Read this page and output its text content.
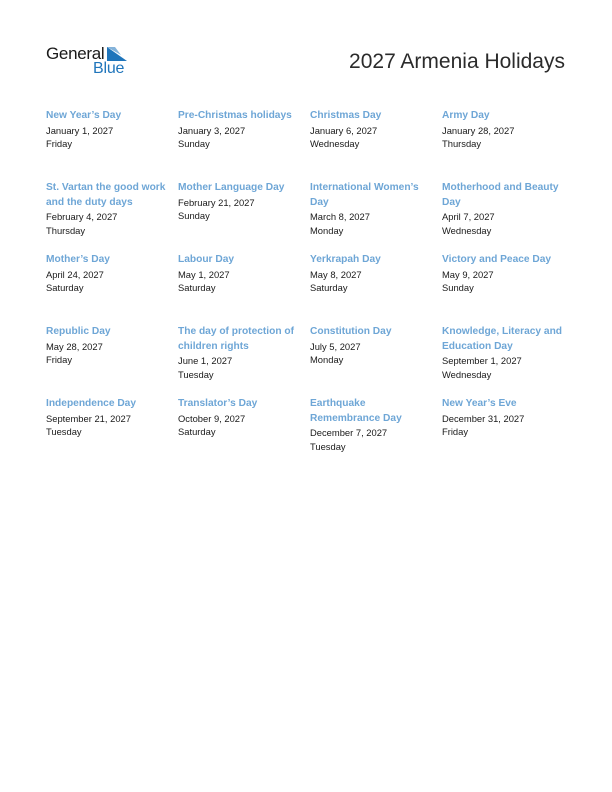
General
Blue	2027 Armenia Holidays
New Year’s Day
January 1, 2027
Friday
Pre-Christmas holidays
January 3, 2027
Sunday
Christmas Day
January 6, 2027
Wednesday
Army Day
January 28, 2027
Thursday
St. Vartan the good work and the duty days
February 4, 2027
Thursday
Mother Language Day
February 21, 2027
Sunday
International Women’s Day
March 8, 2027
Monday
Motherhood and Beauty Day
April 7, 2027
Wednesday
Mother’s Day
April 24, 2027
Saturday
Labour Day
May 1, 2027
Saturday
Yerkrapah Day
May 8, 2027
Saturday
Victory and Peace Day
May 9, 2027
Sunday
Republic Day
May 28, 2027
Friday
The day of protection of children rights
June 1, 2027
Tuesday
Constitution Day
July 5, 2027
Monday
Knowledge, Literacy and Education Day
September 1, 2027
Wednesday
Independence Day
September 21, 2027
Tuesday
Translator’s Day
October 9, 2027
Saturday
Earthquake Remembrance Day
December 7, 2027
Tuesday
New Year’s Eve
December 31, 2027
Friday
